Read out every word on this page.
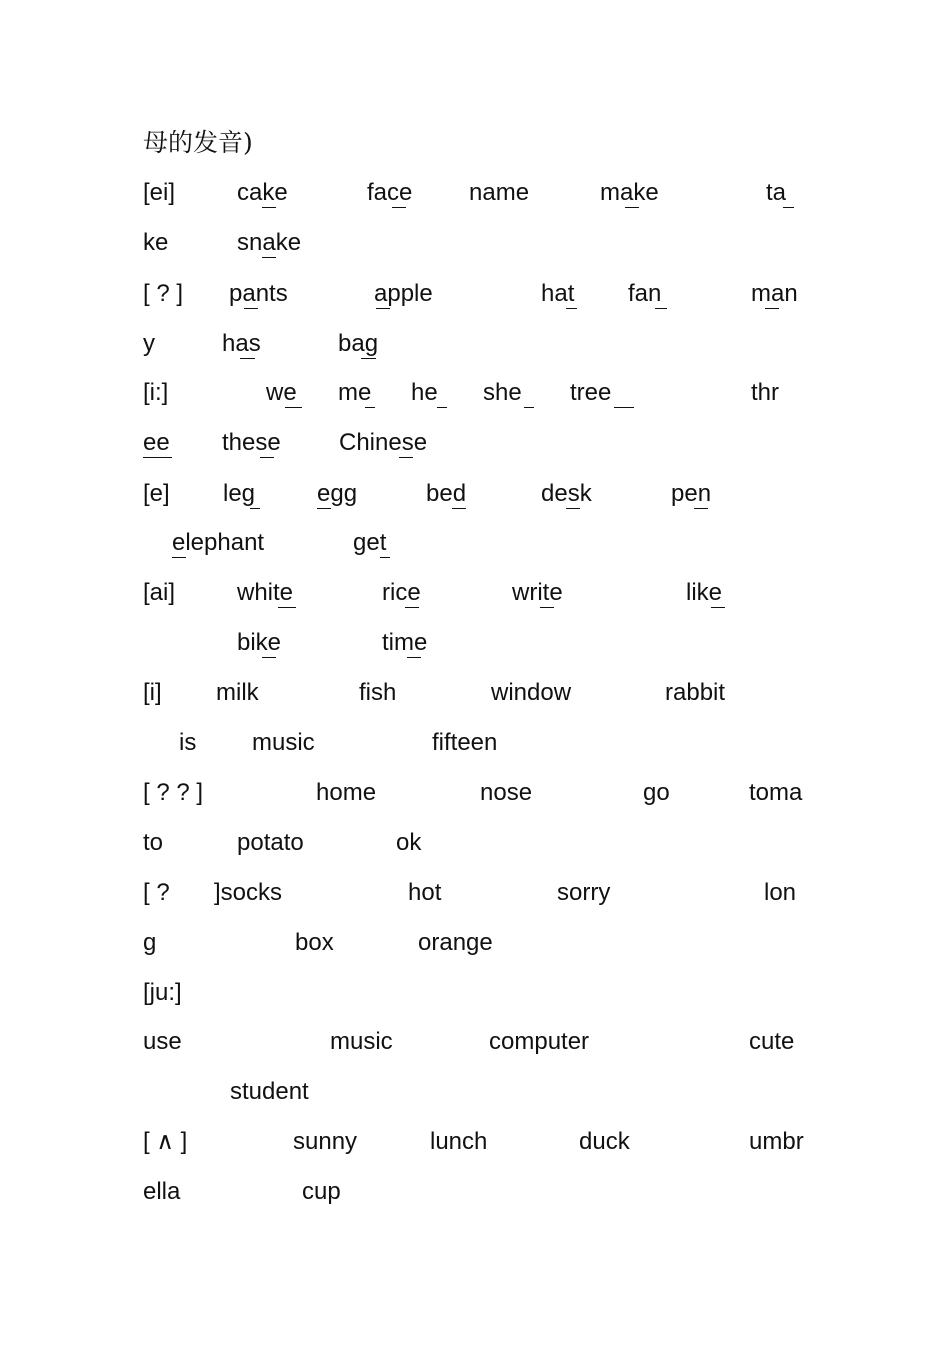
母的发音)
[ei]	cake	face name	make	ta
ke	snake
[ ? ] pants	apple	hat fan	man
y	has	bag
[i:]	we me he she tree	thr
ee these Chinese
[e] leg	egg	bed	desk	pen
elephant	get
[ai]	white	rice	write	like
bike	time
[i] milk	fish	window	rabbit
is music	fifteen
[ ? ? ]	home	nose	go	toma
to	potato	ok
[ ? ]socks	hot	sorry	lon
g	box	orange
[ju:]
use	music	computer	cute
student
[ ∧ ]	sunny	lunch	duck	umbr
ella	cup
